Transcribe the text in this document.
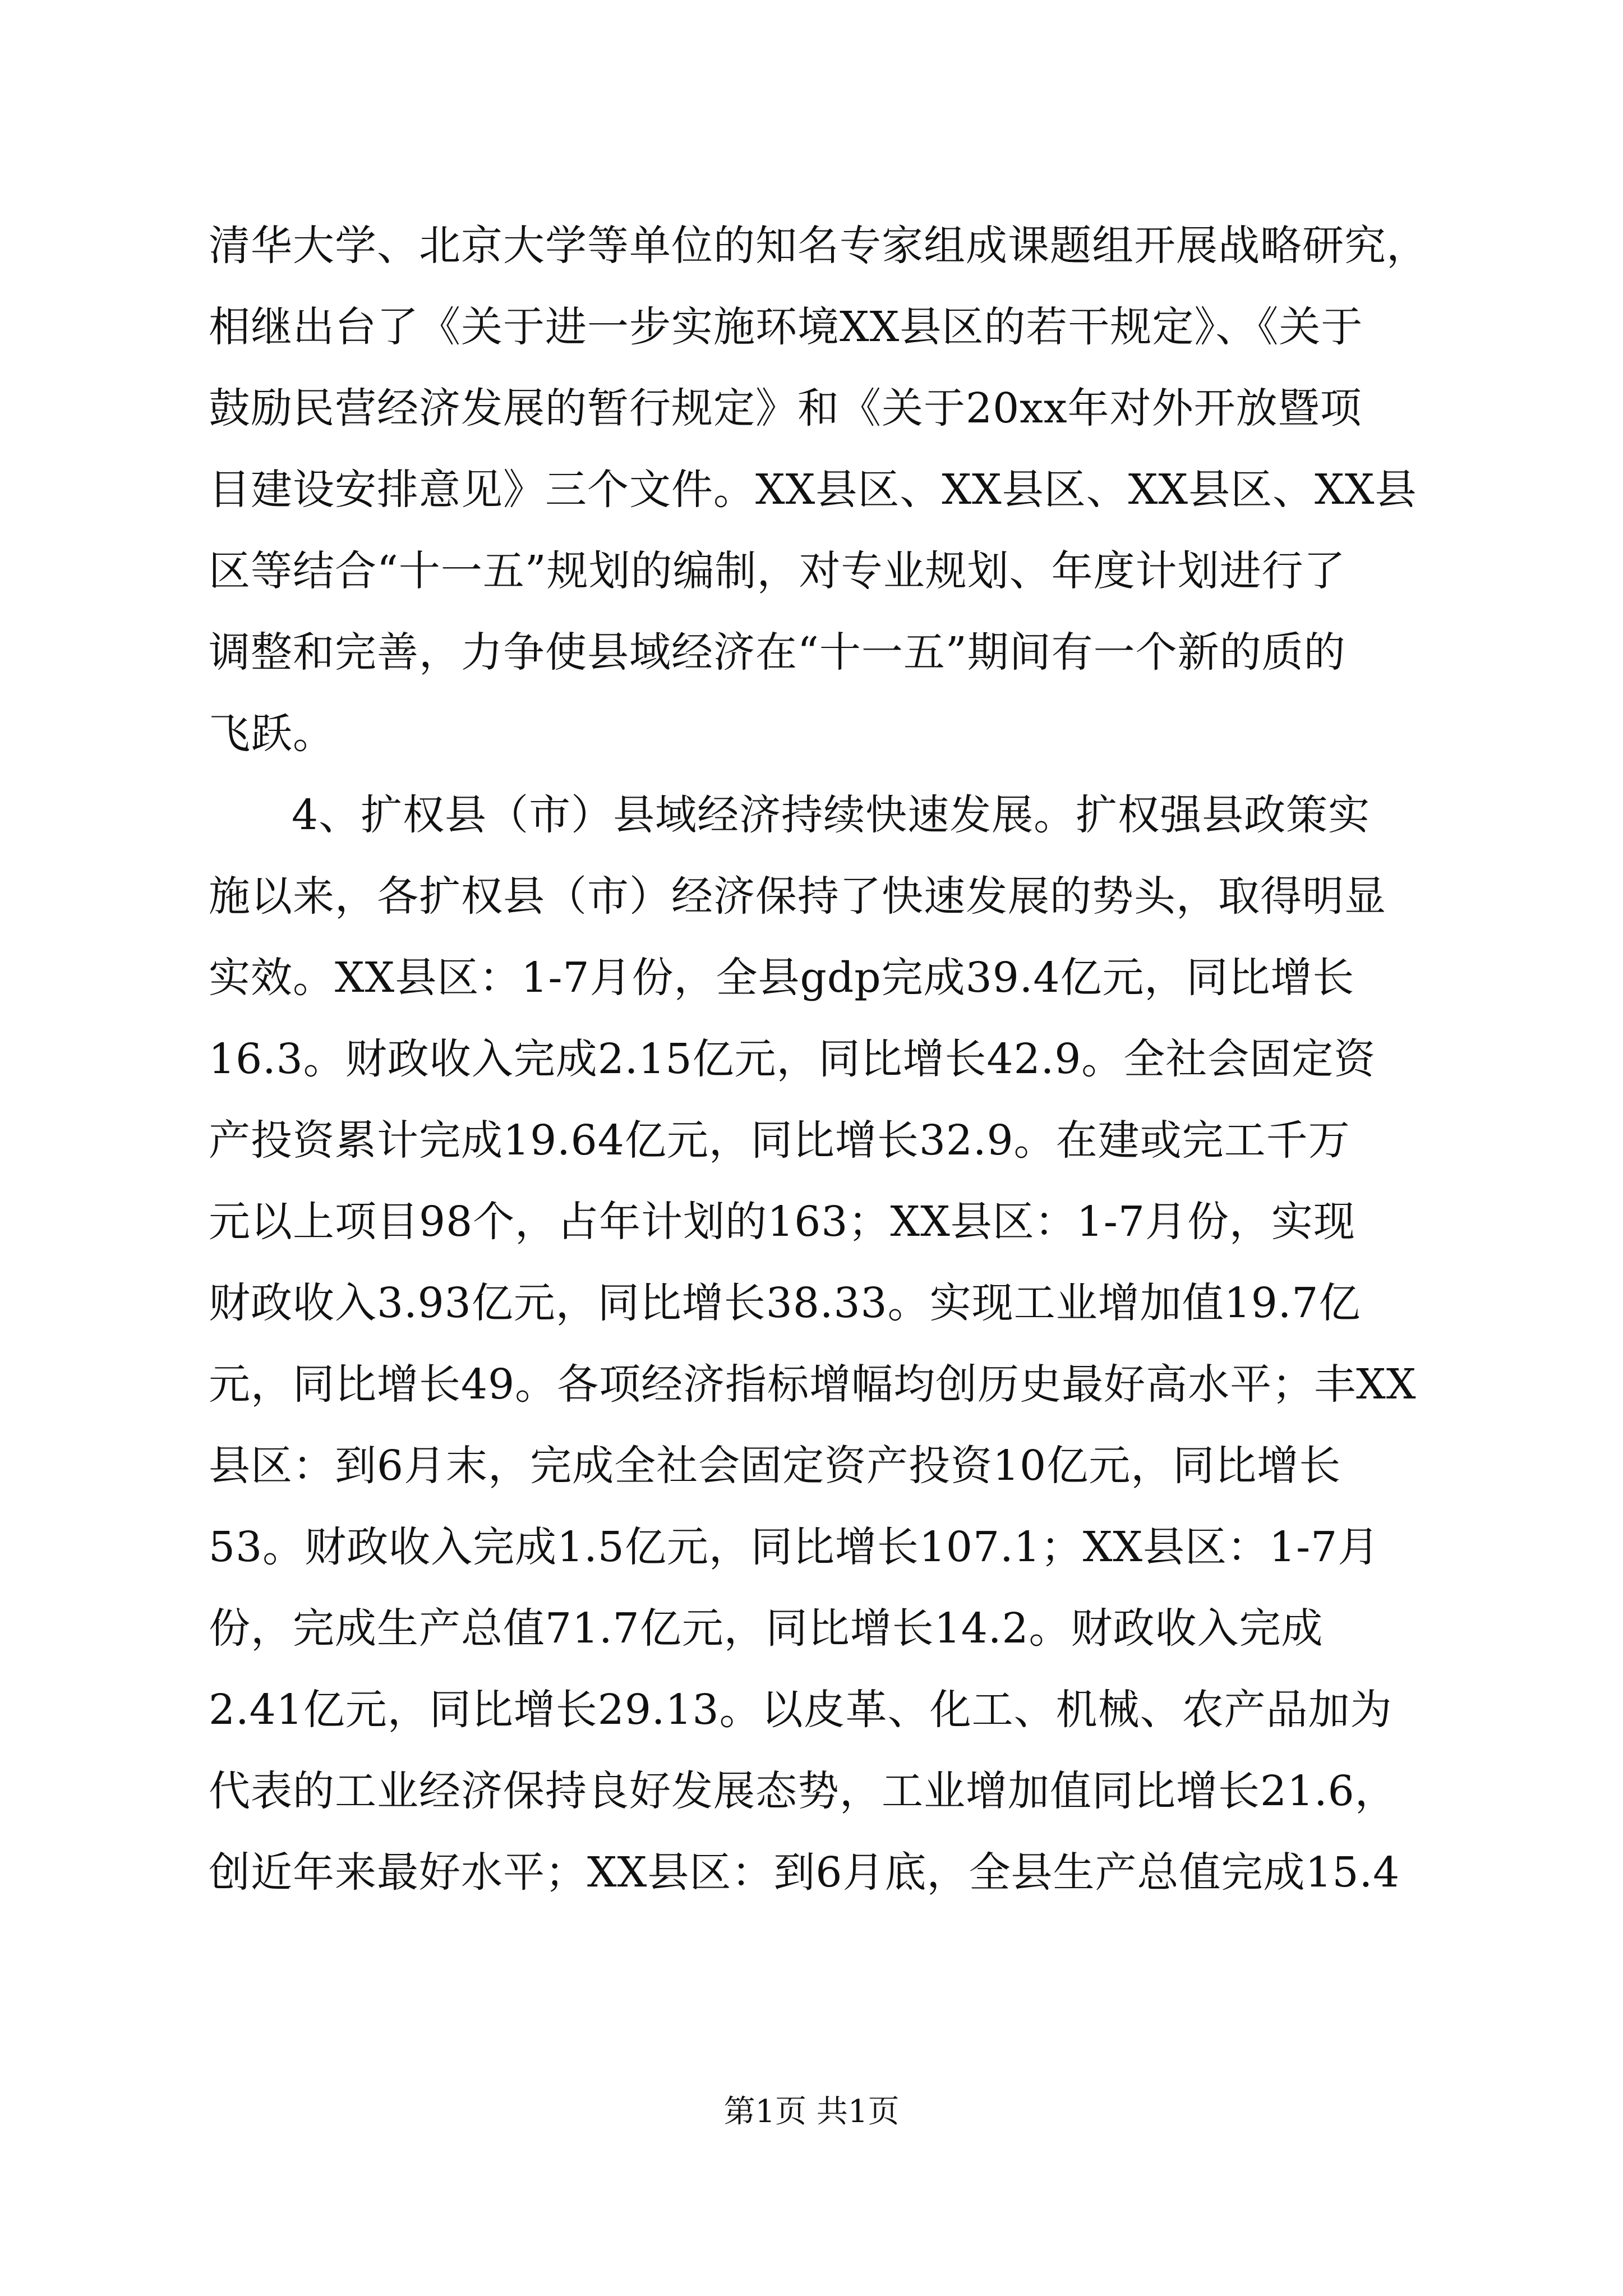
清华大学、北京大学等单位的知名专家组成课题组开展战略研究，
相继出台了《关于进一步实施环境XX县区的若干规定》、《关于
鼓励民营经济发展的暂行规定》和《关于20xx年对外开放暨项
目建设安排意见》三个文件。XX县区、XX县区、XX县区、XX县
区等结合“十一五”规划的编制，对专业规划、年度计划进行了
调整和完善，力争使县域经济在“十一五”期间有一个新的质的
飞跃。
4、扩权县（市）县域经济持续快速发展。扩权强县政策实
施以来，各扩权县（市）经济保持了快速发展的势头，取得明显
实效。XX县区：1-7月份，全县gdp完成39.4亿元，同比增长
16.3。财政收入完成2.15亿元，同比增长42.9。全社会固定资
产投资累计完成19.64亿元，同比增长32.9。在建或完工千万
元以上项目98个，占年计划的163；XX县区：1-7月份，实现
财政收入3.93亿元，同比增长38.33。实现工业增加值19.7亿
元，同比增长49。各项经济指标增幅均创历史最好高水平；丰XX
县区：到6月末，完成全社会固定资产投资10亿元，同比增长
53。财政收入完成1.5亿元，同比增长107.1；XX县区：1-7月
份，完成生产总值71.7亿元，同比增长14.2。财政收入完成
2.41亿元，同比增长29.13。以皮革、化工、机械、农产品加为
代表的工业经济保持良好发展态势，工业增加值同比增长21.6，
创近年来最好水平；XX县区：到6月底，全县生产总值完成15.4
第1页 共1页
